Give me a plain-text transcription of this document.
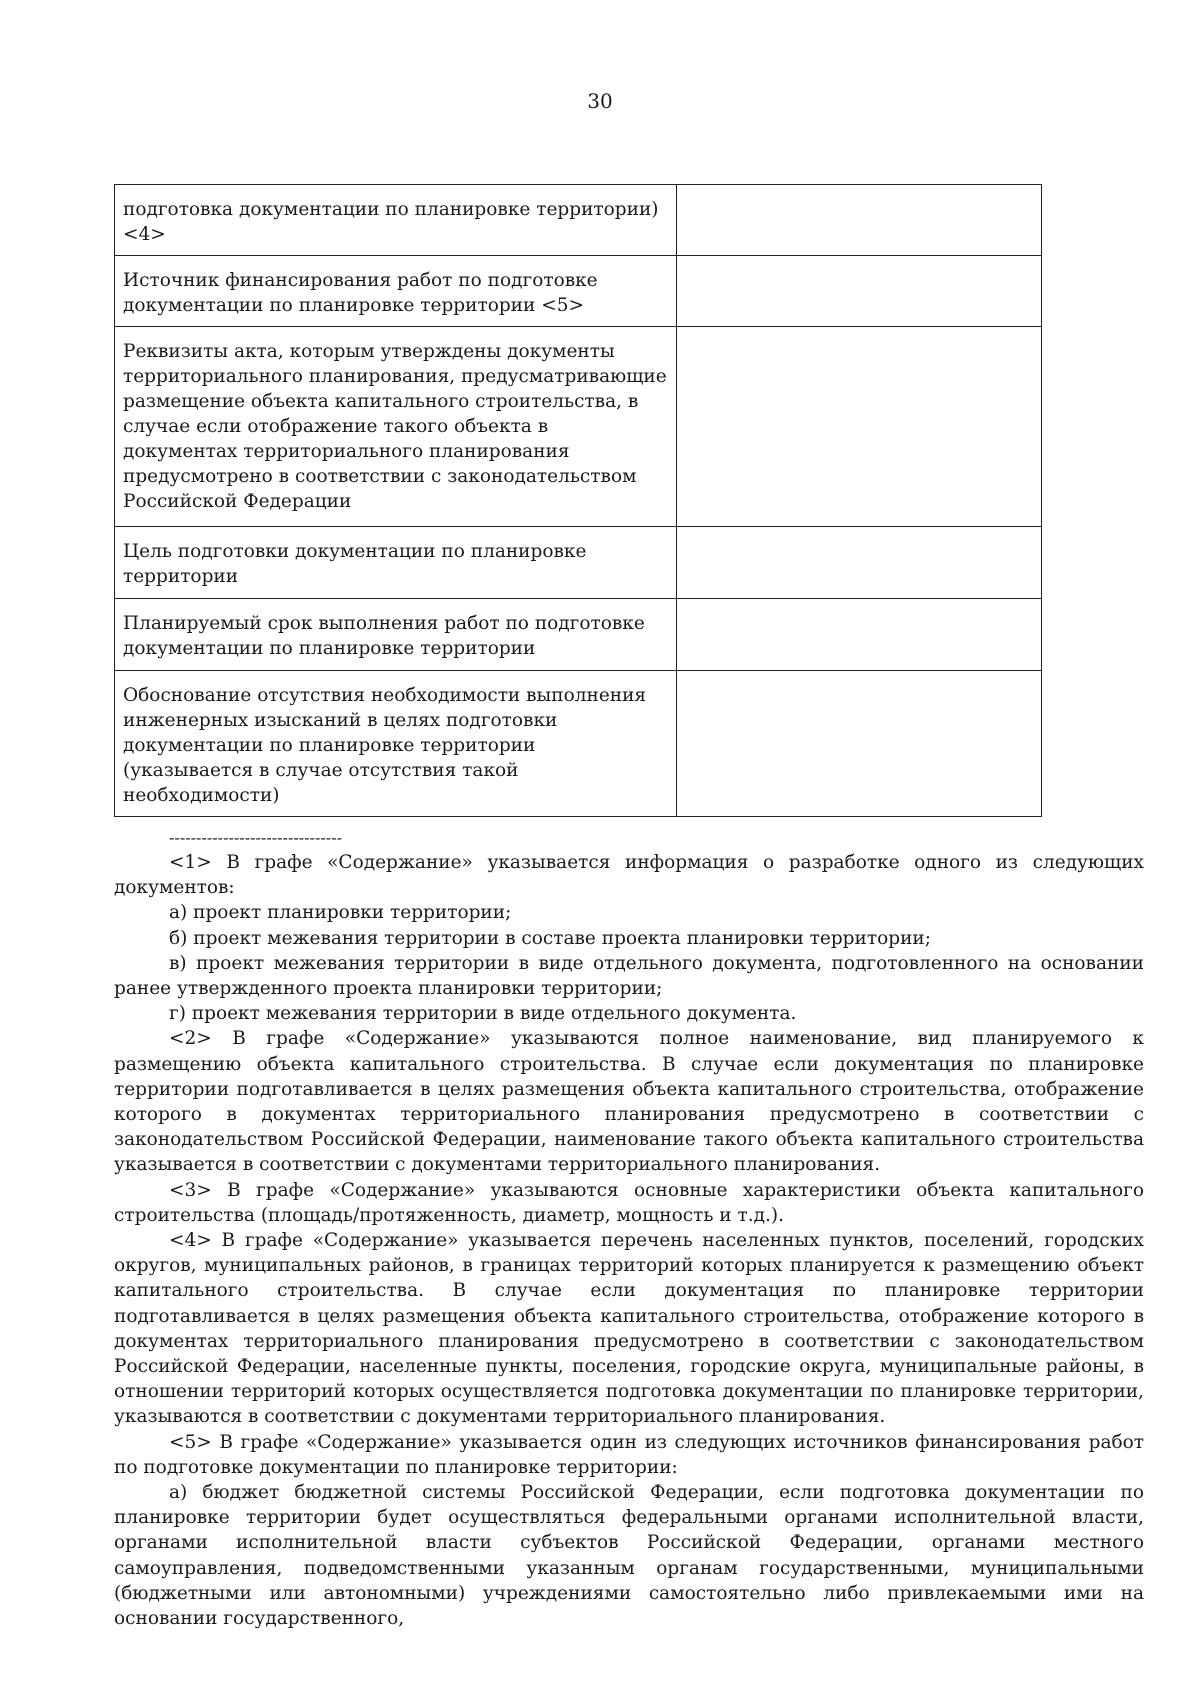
30
подготовка документации по планировке территории) <4>	
Источник финансирования работ по подготовке документации по планировке территории <5>	
Реквизиты акта, которым утверждены документы территориального планирования, предусматривающие размещение объекта капитального строительства, в случае если отображение такого объекта в документах территориального планирования предусмотрено в соответствии с законодательством Российской Федерации	
Цель подготовки документации по планировке территории	
Планируемый срок выполнения работ по подготовке документации по планировке территории	
Обоснование отсутствия необходимости выполнения инженерных изысканий в целях подготовки документации по планировке территории (указывается в случае отсутствия такой необходимости)	
--------------------------------

<1> В графе «Содержание» указывается информация о разработке одного из следующих документов:

а) проект планировки территории;

б) проект межевания территории в составе проекта планировки территории;

в) проект межевания территории в виде отдельного документа, подготовленного на основании ранее утвержденного проекта планировки территории;

г) проект межевания территории в виде отдельного документа.

<2> В графе «Содержание» указываются полное наименование, вид планируемого к размещению объекта капитального строительства. В случае если документация по планировке территории подготавливается в целях размещения объекта капитального строительства, отображение которого в документах территориального планирования предусмотрено в соответствии с законодательством Российской Федерации, наименование такого объекта капитального строительства указывается в соответствии с документами территориального планирования.

<3> В графе «Содержание» указываются основные характеристики объекта капитального строительства (площадь/протяженность, диаметр, мощность и т.д.).

<4> В графе «Содержание» указывается перечень населенных пунктов, поселений, городских округов, муниципальных районов, в границах территорий которых планируется к размещению объект капитального строительства. В случае если документация по планировке территории подготавливается в целях размещения объекта капитального строительства, отображение которого в документах территориального планирования предусмотрено в соответствии с законодательством Российской Федерации, населенные пункты, поселения, городские округа, муниципальные районы, в отношении территорий которых осуществляется подготовка документации по планировке территории, указываются в соответствии с документами территориального планирования.

<5> В графе «Содержание» указывается один из следующих источников финансирования работ по подготовке документации по планировке территории:

а) бюджет бюджетной системы Российской Федерации, если подготовка документации по планировке территории будет осуществляться федеральными органами исполнительной власти, органами исполнительной власти субъектов Российской Федерации, органами местного самоуправления, подведомственными указанным органам государственными, муниципальными (бюджетными или автономными) учреждениями самостоятельно либо привлекаемыми ими на основании государственного,
